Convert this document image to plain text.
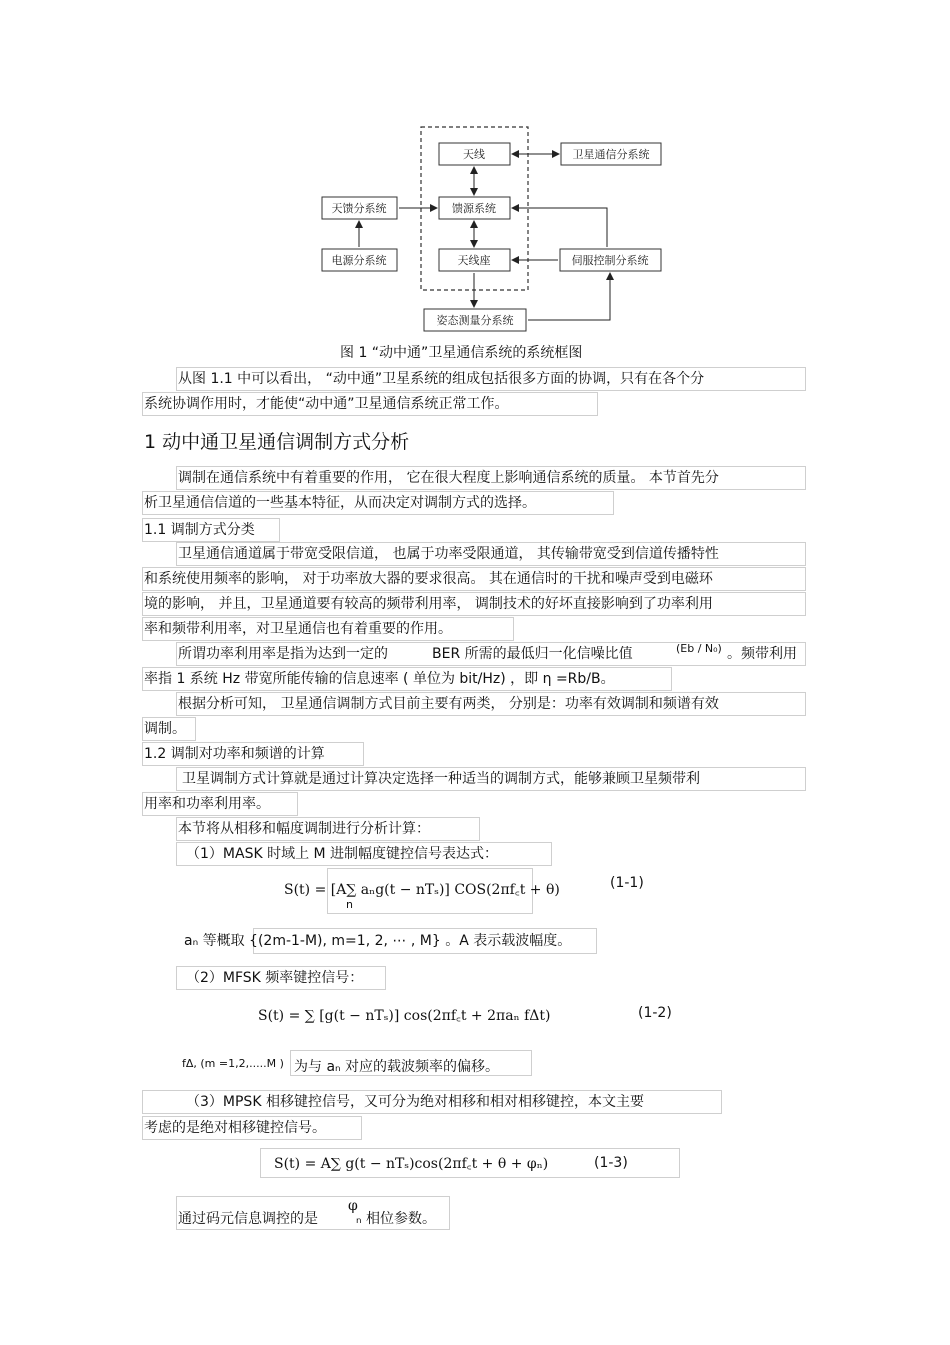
天线
馈源系统
天线座
卫星通信分系统
天馈分系统
电源分系统	伺服控制分系统
姿态测量分系统
图 1 “动中通”卫星通信系统的系统框图
从图 1.1 中可以看出， “动中通”卫星系统的组成包括很多方面的协调，只有在各个分
系统协调作用时，才能使“动中通”卫星通信系统正常工作。
1 动中通卫星通信调制方式分析
调制在通信系统中有着重要的作用， 它在很大程度上影响通信系统的质量。 本节首先分
析卫星通信信道的一些基本特征，从而决定对调制方式的选择。
1.1 调制方式分类
卫星通信通道属于带宽受限信道， 也属于功率受限通道， 其传输带宽受到信道传播特性
和系统使用频率的影响， 对于功率放大器的要求很高。 其在通信时的干扰和噪声受到电磁环
境的影响， 并且，卫星通道要有较高的频带利用率， 调制技术的好坏直接影响到了功率利用
率和频带利用率，对卫星通信也有着重要的作用。
所谓功率利用率是指为达到一定的	BER 所需的最低归一化信噪比值	(Eb / N₀) 。频带利用
率指 1 系统 Hz 带宽所能传输的信息速率 ( 单位为 bit/Hz) ，即 η =Rb/B。
根据分析可知， 卫星通信调制方式目前主要有两类， 分别是：功率有效调制和频谱有效
调制。
1.2 调制对功率和频谱的计算
卫星调制方式计算就是通过计算决定选择一种适当的调制方式，能够兼顾卫星频带利
用率和功率利用率。
本节将从相移和幅度调制进行分析计算：
（1）MASK 时域上 M 进制幅度键控信号表达式：
S(t) = [A∑ aₙg(t − nTₛ)] COS(2πf꜀t + θ)
n
(1-1)
aₙ 等概取 {(2m-1-M), m=1, 2, ⋯ , M} 。A 表示载波幅度。
（2）MFSK 频率键控信号：
S(t) = ∑ [g(t − nTₛ)] cos(2πf꜀t + 2πaₙ fΔt)	(1-2)
fΔ, (m =1,2,.....M ) 为与 aₙ 对应的载波频率的偏移。
（3）MPSK 相移键控信号，又可分为绝对相移和相对相移键控，本文主要
考虑的是绝对相移键控信号。
S(t) = A∑ g(t − nTₛ)cos(2πf꜀t + θ + φₙ)	(1-3)
通过码元信息调控的是
φ
ₙ 相位参数。
